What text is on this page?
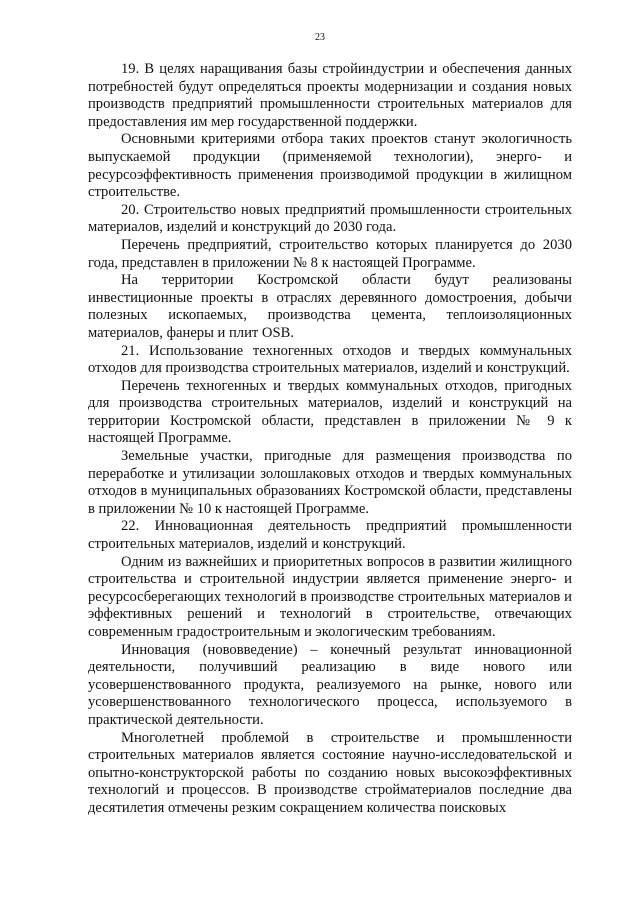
23

19. В целях наращивания базы стройиндустрии и обеспечения данных потребностей будут определяться проекты модернизации и создания новых производств предприятий промышленности строительных материалов для предоставления им мер государственной поддержки.

Основными критериями отбора таких проектов станут экологичность выпускаемой продукции (применяемой технологии), энерго- и ресурсоэффективность применения производимой продукции в жилищном строительстве.

20. Строительство новых предприятий промышленности строительных материалов, изделий и конструкций до 2030 года.

Перечень предприятий, строительство которых планируется до 2030 года, представлен в приложении № 8 к настоящей Программе.

На территории Костромской области будут реализованы инвестиционные проекты в отраслях деревянного домостроения, добычи полезных ископаемых, производства цемента, теплоизоляционных материалов, фанеры и плит OSB.

21. Использование техногенных отходов и твердых коммунальных отходов для производства строительных материалов, изделий и конструкций.

Перечень техногенных и твердых коммунальных отходов, пригодных для производства строительных материалов, изделий и конструкций на территории Костромской области, представлен в приложении № 9 к настоящей Программе.

Земельные участки, пригодные для размещения производства по переработке и утилизации золошлаковых отходов и твердых коммунальных отходов в муниципальных образованиях Костромской области, представлены в приложении № 10 к настоящей Программе.

22. Инновационная деятельность предприятий промышленности строительных материалов, изделий и конструкций.

Одним из важнейших и приоритетных вопросов в развитии жилищного строительства и строительной индустрии является применение энерго- и ресурсосберегающих технологий в производстве строительных материалов и эффективных решений и технологий в строительстве, отвечающих современным градостроительным и экологическим требованиям.

Инновация (нововведение) – конечный результат инновационной деятельности, получивший реализацию в виде нового или усовершенствованного продукта, реализуемого на рынке, нового или усовершенствованного технологического процесса, используемого в практической деятельности.

Многолетней проблемой в строительстве и промышленности строительных материалов является состояние научно-исследовательской и опытно-конструкторской работы по созданию новых высокоэффективных технологий и процессов. В производстве стройматериалов последние два десятилетия отмечены резким сокращением количества поисковых
